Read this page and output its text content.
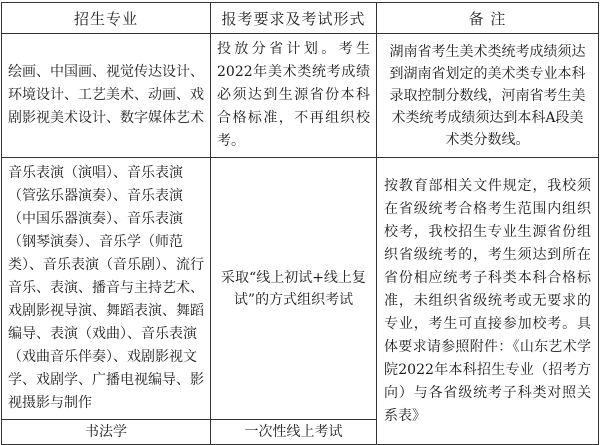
招生专业	报考要求及考试形式	备 注

绘画、中国画、视觉传达设计、环境设计、工艺美术、动画、戏剧影视美术设计、数字媒体艺术	投放分省计划。考生2022年美术类统考成绩必须达到生源省份本科合格标准，不再组织校考。	湖南省考生美术类统考成绩须达到湖南省划定的美术类专业本科录取控制分数线，河南省考生美术类统考成绩须达到本科A段美术类分数线。

音乐表演（演唱）、音乐表演（管弦乐器演奏）、音乐表演（中国乐器演奏）、音乐表演（钢琴演奏）、音乐学（师范类）、音乐表演（音乐剧）、流行音乐、表演、播音与主持艺术、戏剧影视导演、舞蹈表演、舞蹈编导、表演（戏曲）、音乐表演（戏曲音乐伴奏）、戏剧影视文学、戏剧学、广播电视编导、影视摄影与制作	采取“线上初试+线上复试”的方式组织考试	按教育部相关文件规定，我校须在省级统考合格考生范围内组织校考，我校招生专业生源省份组织省级统考的，考生须达到所在省份相应统考子科类本科合格标准，未组织省级统考或无要求的专业，考生可直接参加校考。具体要求请参照附件：《山东艺术学院2022年本科招生专业（招考方向）与各省级统考子科类对照关系表》

书法学	一次性线上考试	
